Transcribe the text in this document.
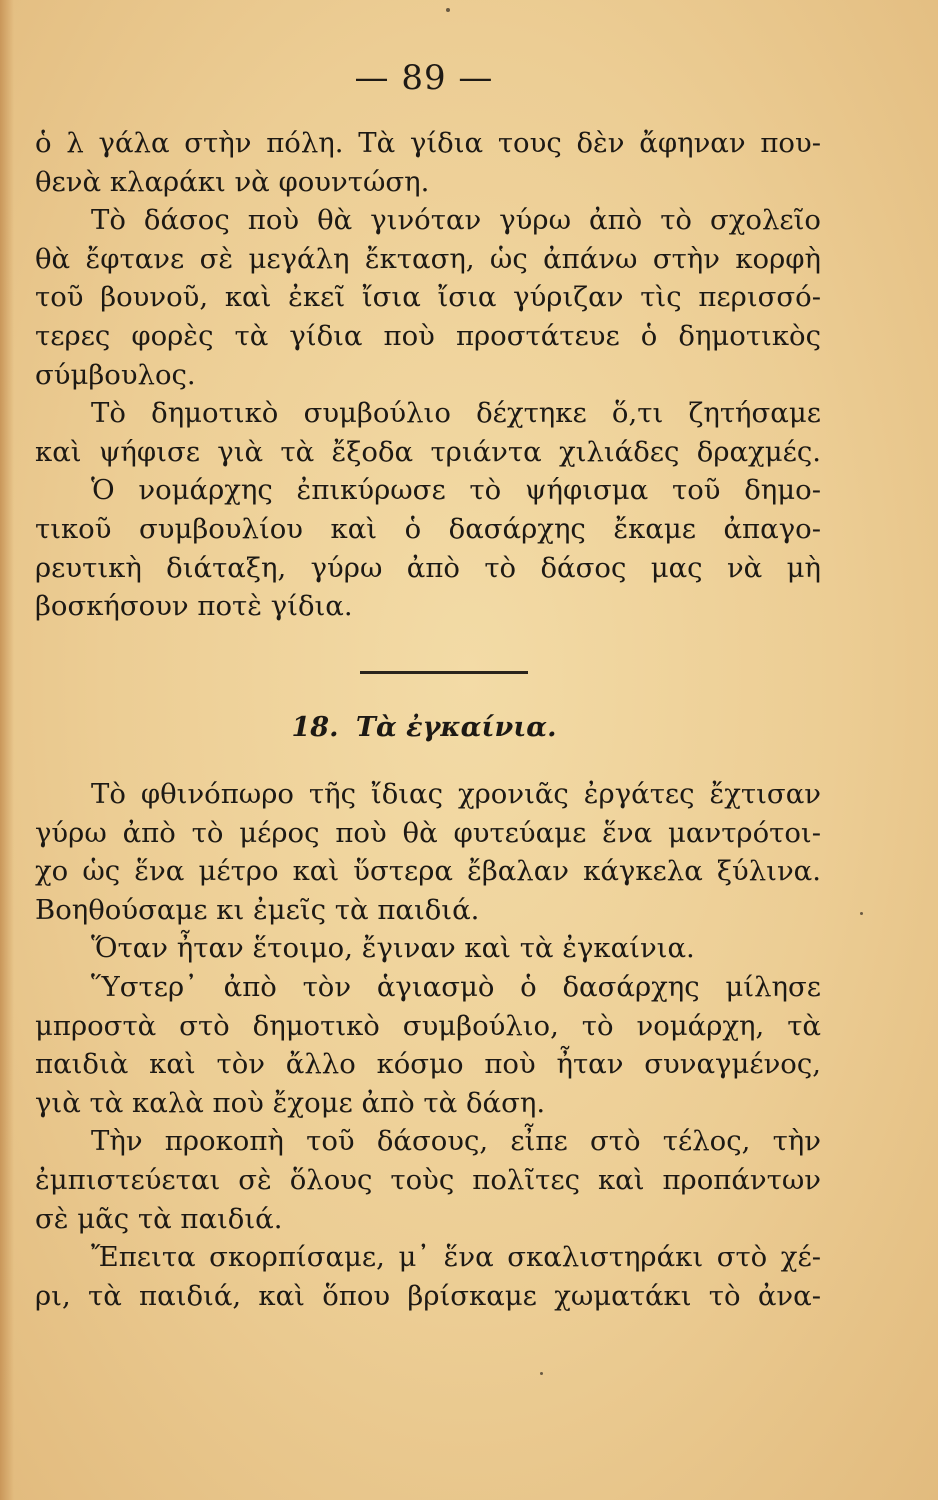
— 89 —
ὁ λ γάλα στὴν πόλη. Τὰ γίδια τους δὲν ἄφηναν που-
θενὰ κλαράκι νὰ φουντώση.
Τὸ δάσος ποὺ θὰ γινόταν γύρω ἀπὸ τὸ σχολεῖο
θὰ ἔφτανε σὲ μεγάλη ἔκταση, ὡς ἀπάνω στὴν κορφὴ
τοῦ βουνοῦ, καὶ ἐκεῖ ἴσια ἴσια γύριζαν τὶς περισσό-
τερες φορὲς τὰ γίδια ποὺ προστάτευε ὁ δημοτικὸς
σύμβουλος.
Τὸ δημοτικὸ συμβούλιο δέχτηκε ὅ,τι ζητήσαμε
καὶ ψήφισε γιὰ τὰ ἔξοδα τριάντα χιλιάδες δραχμές.
Ὁ νομάρχης ἐπικύρωσε τὸ ψήφισμα τοῦ δημο-
τικοῦ συμβουλίου καὶ ὁ δασάρχης ἔκαμε ἀπαγο-
ρευτικὴ διάταξη, γύρω ἀπὸ τὸ δάσος μας νὰ μὴ
βοσκήσουν ποτὲ γίδια.
18. Τὰ ἐγκαίνια.
Τὸ φθινόπωρο τῆς ἴδιας χρονιᾶς ἐργάτες ἔχτισαν
γύρω ἀπὸ τὸ μέρος ποὺ θὰ φυτεύαμε ἕνα μαντρότοι-
χο ὡς ἕνα μέτρο καὶ ὕστερα ἔβαλαν κάγκελα ξύλινα.
Βοηθούσαμε κι ἐμεῖς τὰ παιδιά.
Ὅταν ἦταν ἕτοιμο, ἔγιναν καὶ τὰ ἐγκαίνια.
Ὕστερ᾽ ἀπὸ τὸν ἁγιασμὸ ὁ δασάρχης μίλησε
μπροστὰ στὸ δημοτικὸ συμβούλιο, τὸ νομάρχη, τὰ
παιδιὰ καὶ τὸν ἄλλο κόσμο ποὺ ἦταν συναγμένος,
γιὰ τὰ καλὰ ποὺ ἔχομε ἀπὸ τὰ δάση.
Τὴν προκοπὴ τοῦ δάσους, εἶπε στὸ τέλος, τὴν
ἐμπιστεύεται σὲ ὅλους τοὺς πολῖτες καὶ προπάντων
σὲ μᾶς τὰ παιδιά.
Ἔπειτα σκορπίσαμε, μ᾽ ἕνα σκαλιστηράκι στὸ χέ-
ρι, τὰ παιδιά, καὶ ὅπου βρίσκαμε χωματάκι τὸ ἀνα-
